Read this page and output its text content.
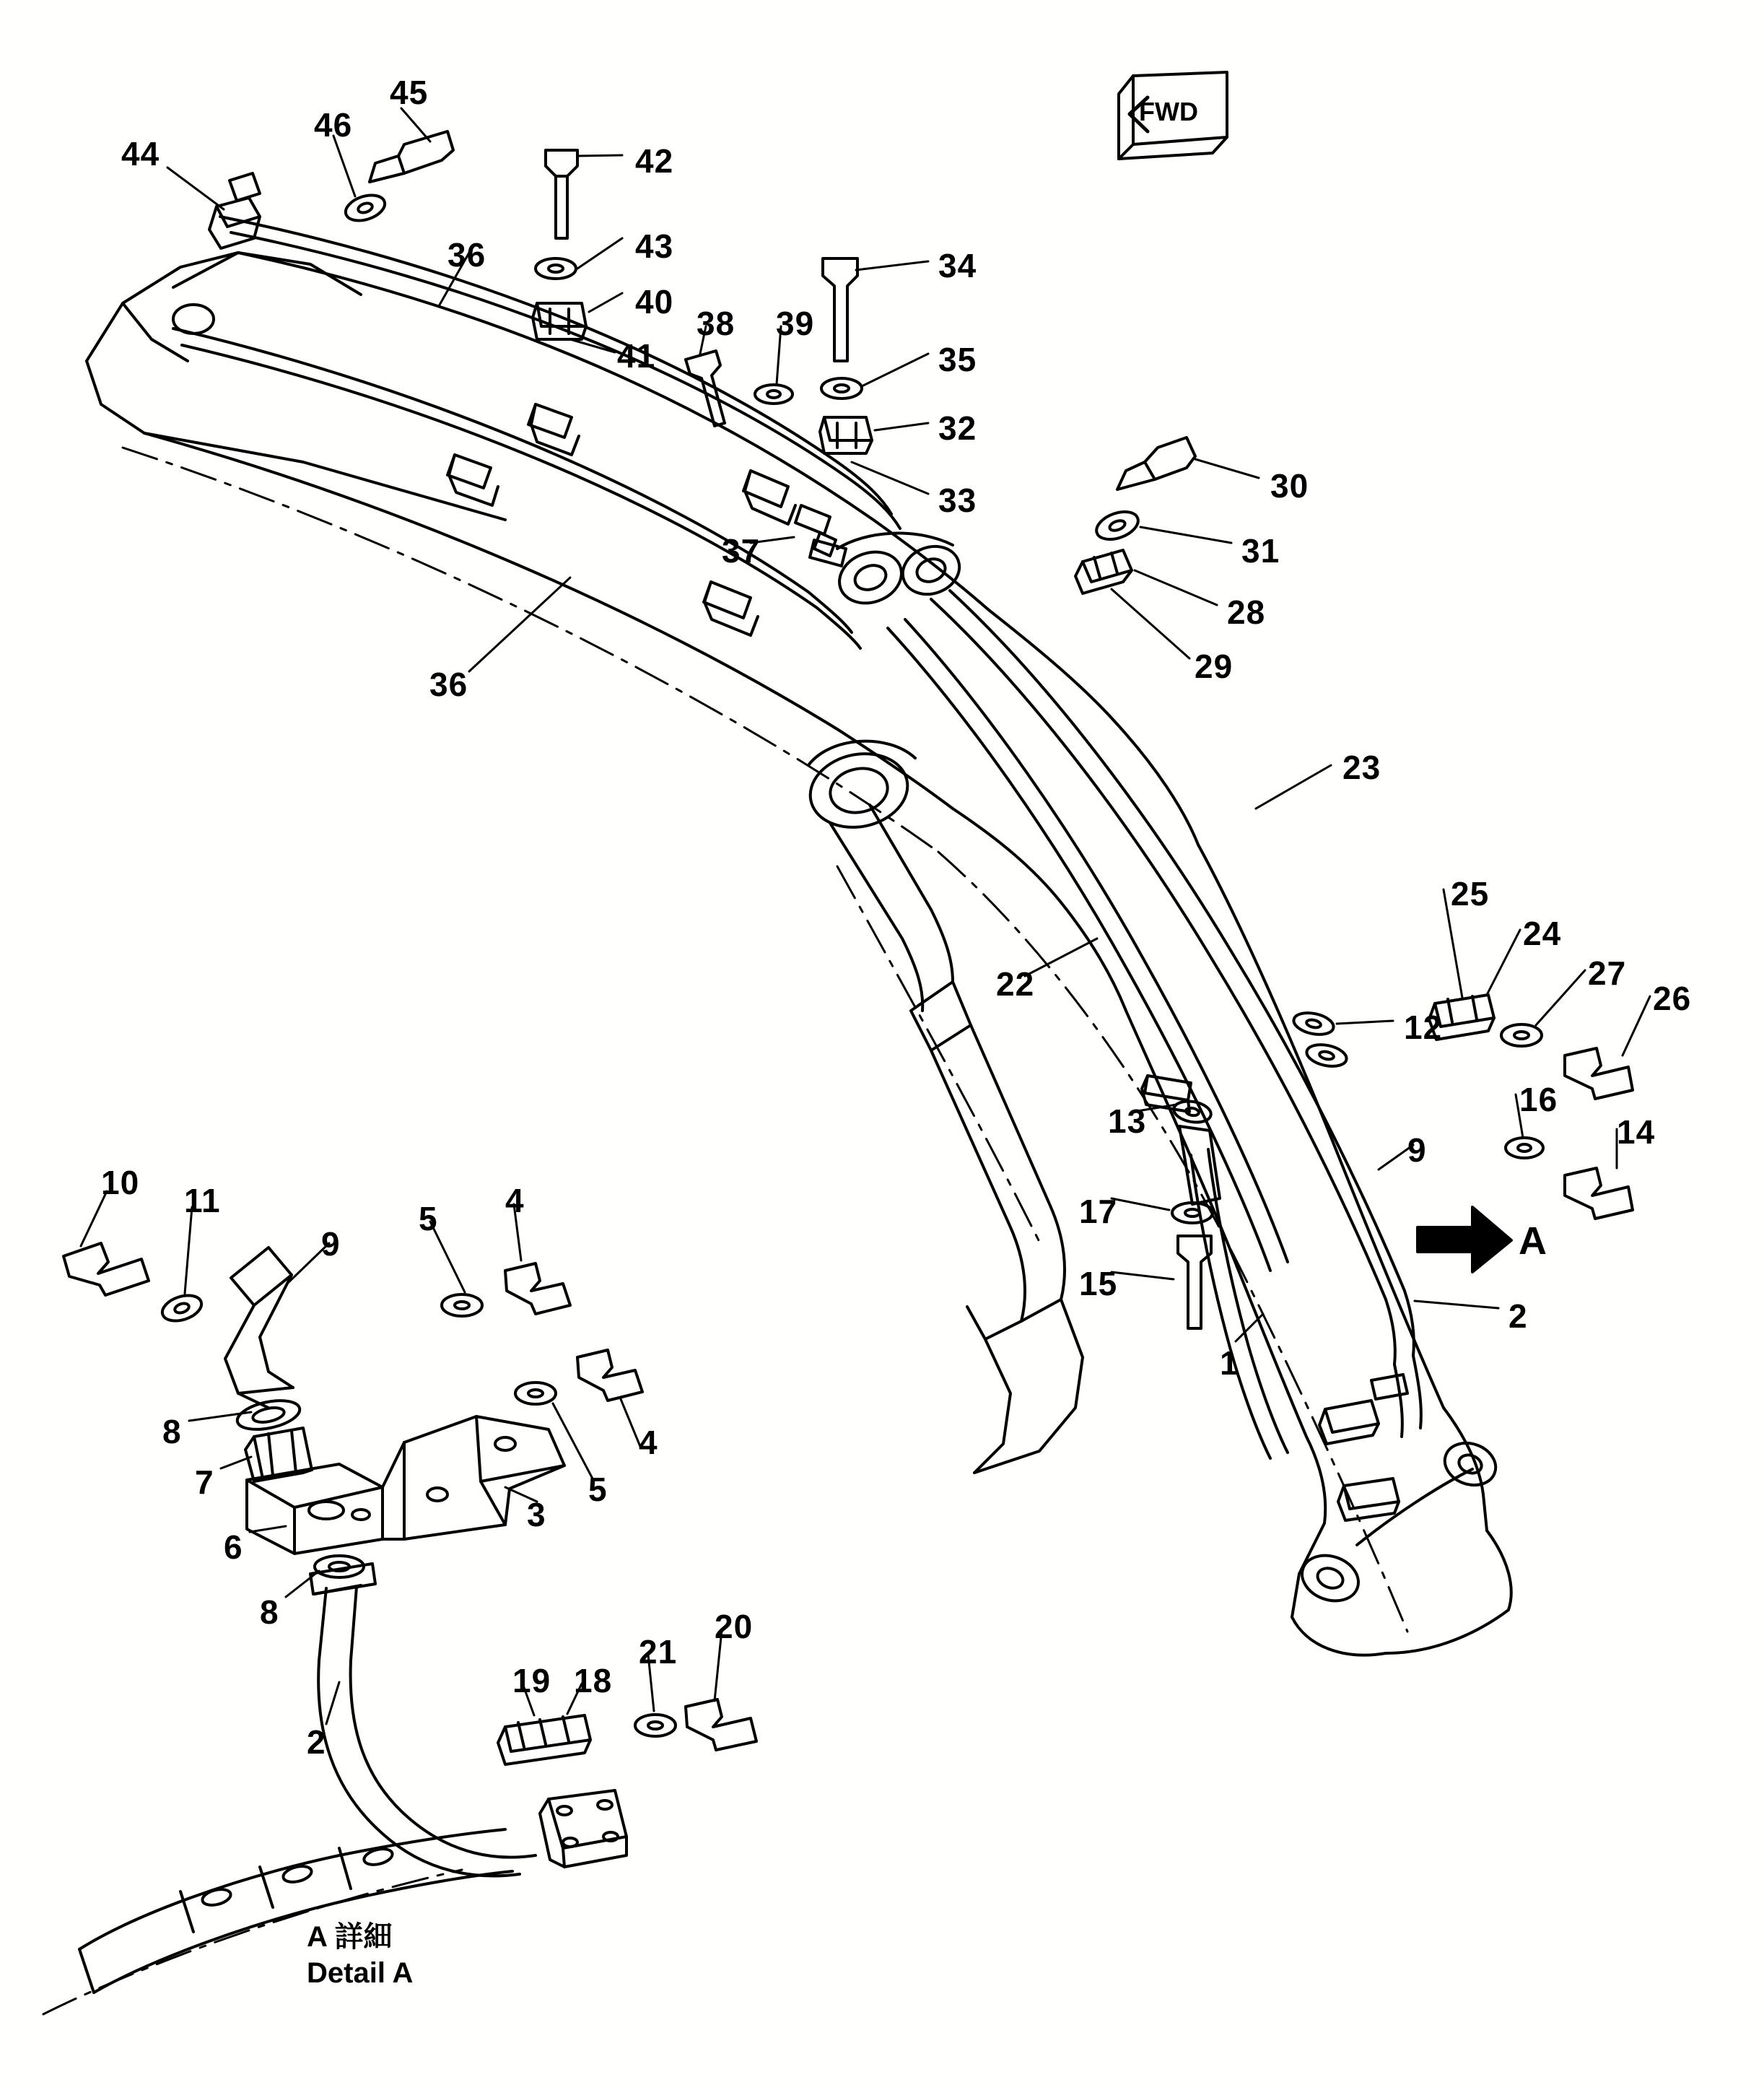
FWD
A
A 詳細
Detail A
44
46
45
36
42
43
40
41
38 39
34
35
32
33
37
36
30
31
28
29
23
22
25
24
27
26
12
16
14
13
9
17
15
2
1
10 11
9
5 4
8
7
6
8
4
5
3
2
19 18
21
20
